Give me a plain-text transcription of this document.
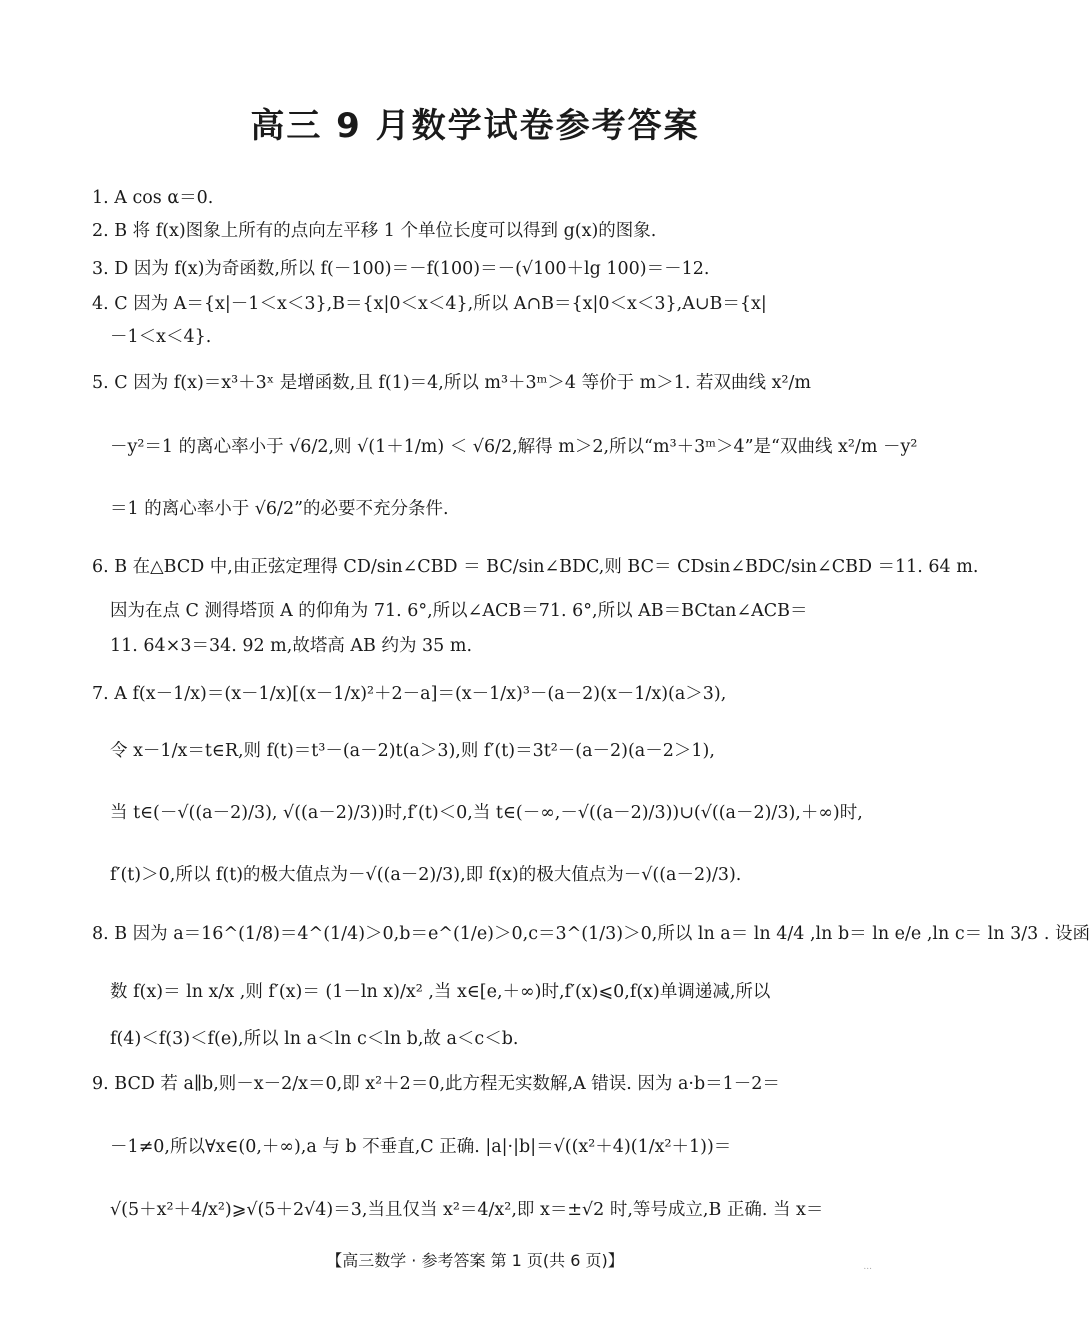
高三 9 月数学试卷参考答案
1. A cos α＝0.
2. B 将 f(x)图象上所有的点向左平移 1 个单位长度可以得到 g(x)的图象.
3. D 因为 f(x)为奇函数,所以 f(－100)＝－f(100)＝－(√100＋lg 100)＝－12.
4. C 因为 A＝{x|－1＜x＜3},B＝{x|0＜x＜4},所以 A∩B＝{x|0＜x＜3},A∪B＝{x|
－1＜x＜4}.
5. C 因为 f(x)＝x³＋3ˣ 是增函数,且 f(1)＝4,所以 m³＋3ᵐ＞4 等价于 m＞1. 若双曲线 x²/m
－y²＝1 的离心率小于 √6/2,则 √(1＋1/m) ＜ √6/2,解得 m＞2,所以“m³＋3ᵐ＞4”是“双曲线 x²/m －y²
＝1 的离心率小于 √6/2”的必要不充分条件.
6. B 在△BCD 中,由正弦定理得 CD/sin∠CBD ＝ BC/sin∠BDC,则 BC＝ CDsin∠BDC/sin∠CBD ＝11. 64 m.
因为在点 C 测得塔顶 A 的仰角为 71. 6°,所以∠ACB＝71. 6°,所以 AB＝BCtan∠ACB＝
11. 64×3＝34. 92 m,故塔高 AB 约为 35 m.
7. A f(x－1/x)＝(x－1/x)[(x－1/x)²＋2－a]＝(x－1/x)³－(a－2)(x－1/x)(a＞3),
令 x－1/x＝t∈R,则 f(t)＝t³－(a－2)t(a＞3),则 f′(t)＝3t²－(a－2)(a－2＞1),
当 t∈(－√((a－2)/3), √((a－2)/3))时,f′(t)＜0,当 t∈(－∞,－√((a－2)/3))∪(√((a－2)/3),＋∞)时,
f′(t)＞0,所以 f(t)的极大值点为－√((a－2)/3),即 f(x)的极大值点为－√((a－2)/3).
8. B 因为 a＝16^(1/8)＝4^(1/4)＞0,b＝e^(1/e)＞0,c＝3^(1/3)＞0,所以 ln a＝ ln 4/4 ,ln b＝ ln e/e ,ln c＝ ln 3/3 . 设函
数 f(x)＝ ln x/x ,则 f′(x)＝ (1－ln x)/x² ,当 x∈[e,＋∞)时,f′(x)⩽0,f(x)单调递减,所以
f(4)＜f(3)＜f(e),所以 ln a＜ln c＜ln b,故 a＜c＜b.
9. BCD 若 a∥b,则－x－2/x＝0,即 x²＋2＝0,此方程无实数解,A 错误. 因为 a·b＝1－2＝
－1≠0,所以∀x∈(0,＋∞),a 与 b 不垂直,C 正确. |a|·|b|＝√((x²＋4)(1/x²＋1))＝
√(5＋x²＋4/x²)⩾√(5＋2√4)＝3,当且仅当 x²＝4/x²,即 x＝±√2 时,等号成立,B 正确. 当 x＝
【高三数学 · 参考答案 第 1 页(共 6 页)】	...
